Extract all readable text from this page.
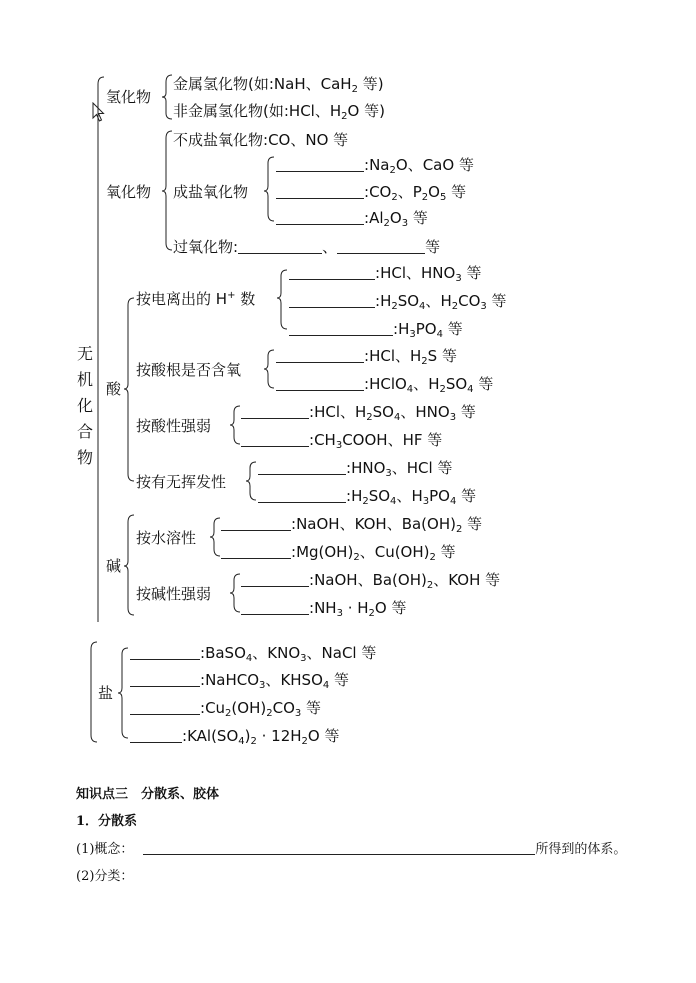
无机化合物
氢化物
金属氢化物(如:NaH、CaH$_2$ 等)
非金属氢化物(如:HCl、$H_2O$ 等)
氧化物
不成盐氧化物:CO、NO 等
成盐氧化物
$:Na_2O$、CaO 等
$:CO_2$、$P_2O_5$ 等
$:Al_2O_3$ 等
过氧化物:	、	等
酸
按电离出的 H+ 数
:HCl、$HNO_3$ 等
$:H_2SO_4$、$H_2CO_3$ 等
$:H_3PO_4$ 等
按酸根是否含氧
:HCl、$H_2S$ 等
:HClO$_4$、$H_2SO_4$ 等
按酸性强弱
:HCl、$H_2SO_4$、$HNO_3$ 等
$:CH_3COOH$、HF 等
按有无挥发性
$:HNO_3$、HCl 等
$:H_2SO_4$、$H_3PO_4$ 等
碱
按水溶性
:NaOH、KOH、$Ba(OH)_2$ 等
$:Mg(OH)_2$、$Cu(OH)_2$ 等
按碱性强弱
:NaOH、$Ba(OH)_2$、KOH 等
$:NH_3 \cdot H_2O$ 等
盐
:BaSO$_4$、$KNO_3$、NaCl 等
:NaHCO$_3$、$KHSO_4$ 等
$:Cu_2(OH)_2CO_3$ 等
$:KAl(SO_4)_2 \cdot 12H_2O$ 等
知识点三　分散系、胶体
1．分散系
(1)概念：	所得到的体系。
(2)分类：
